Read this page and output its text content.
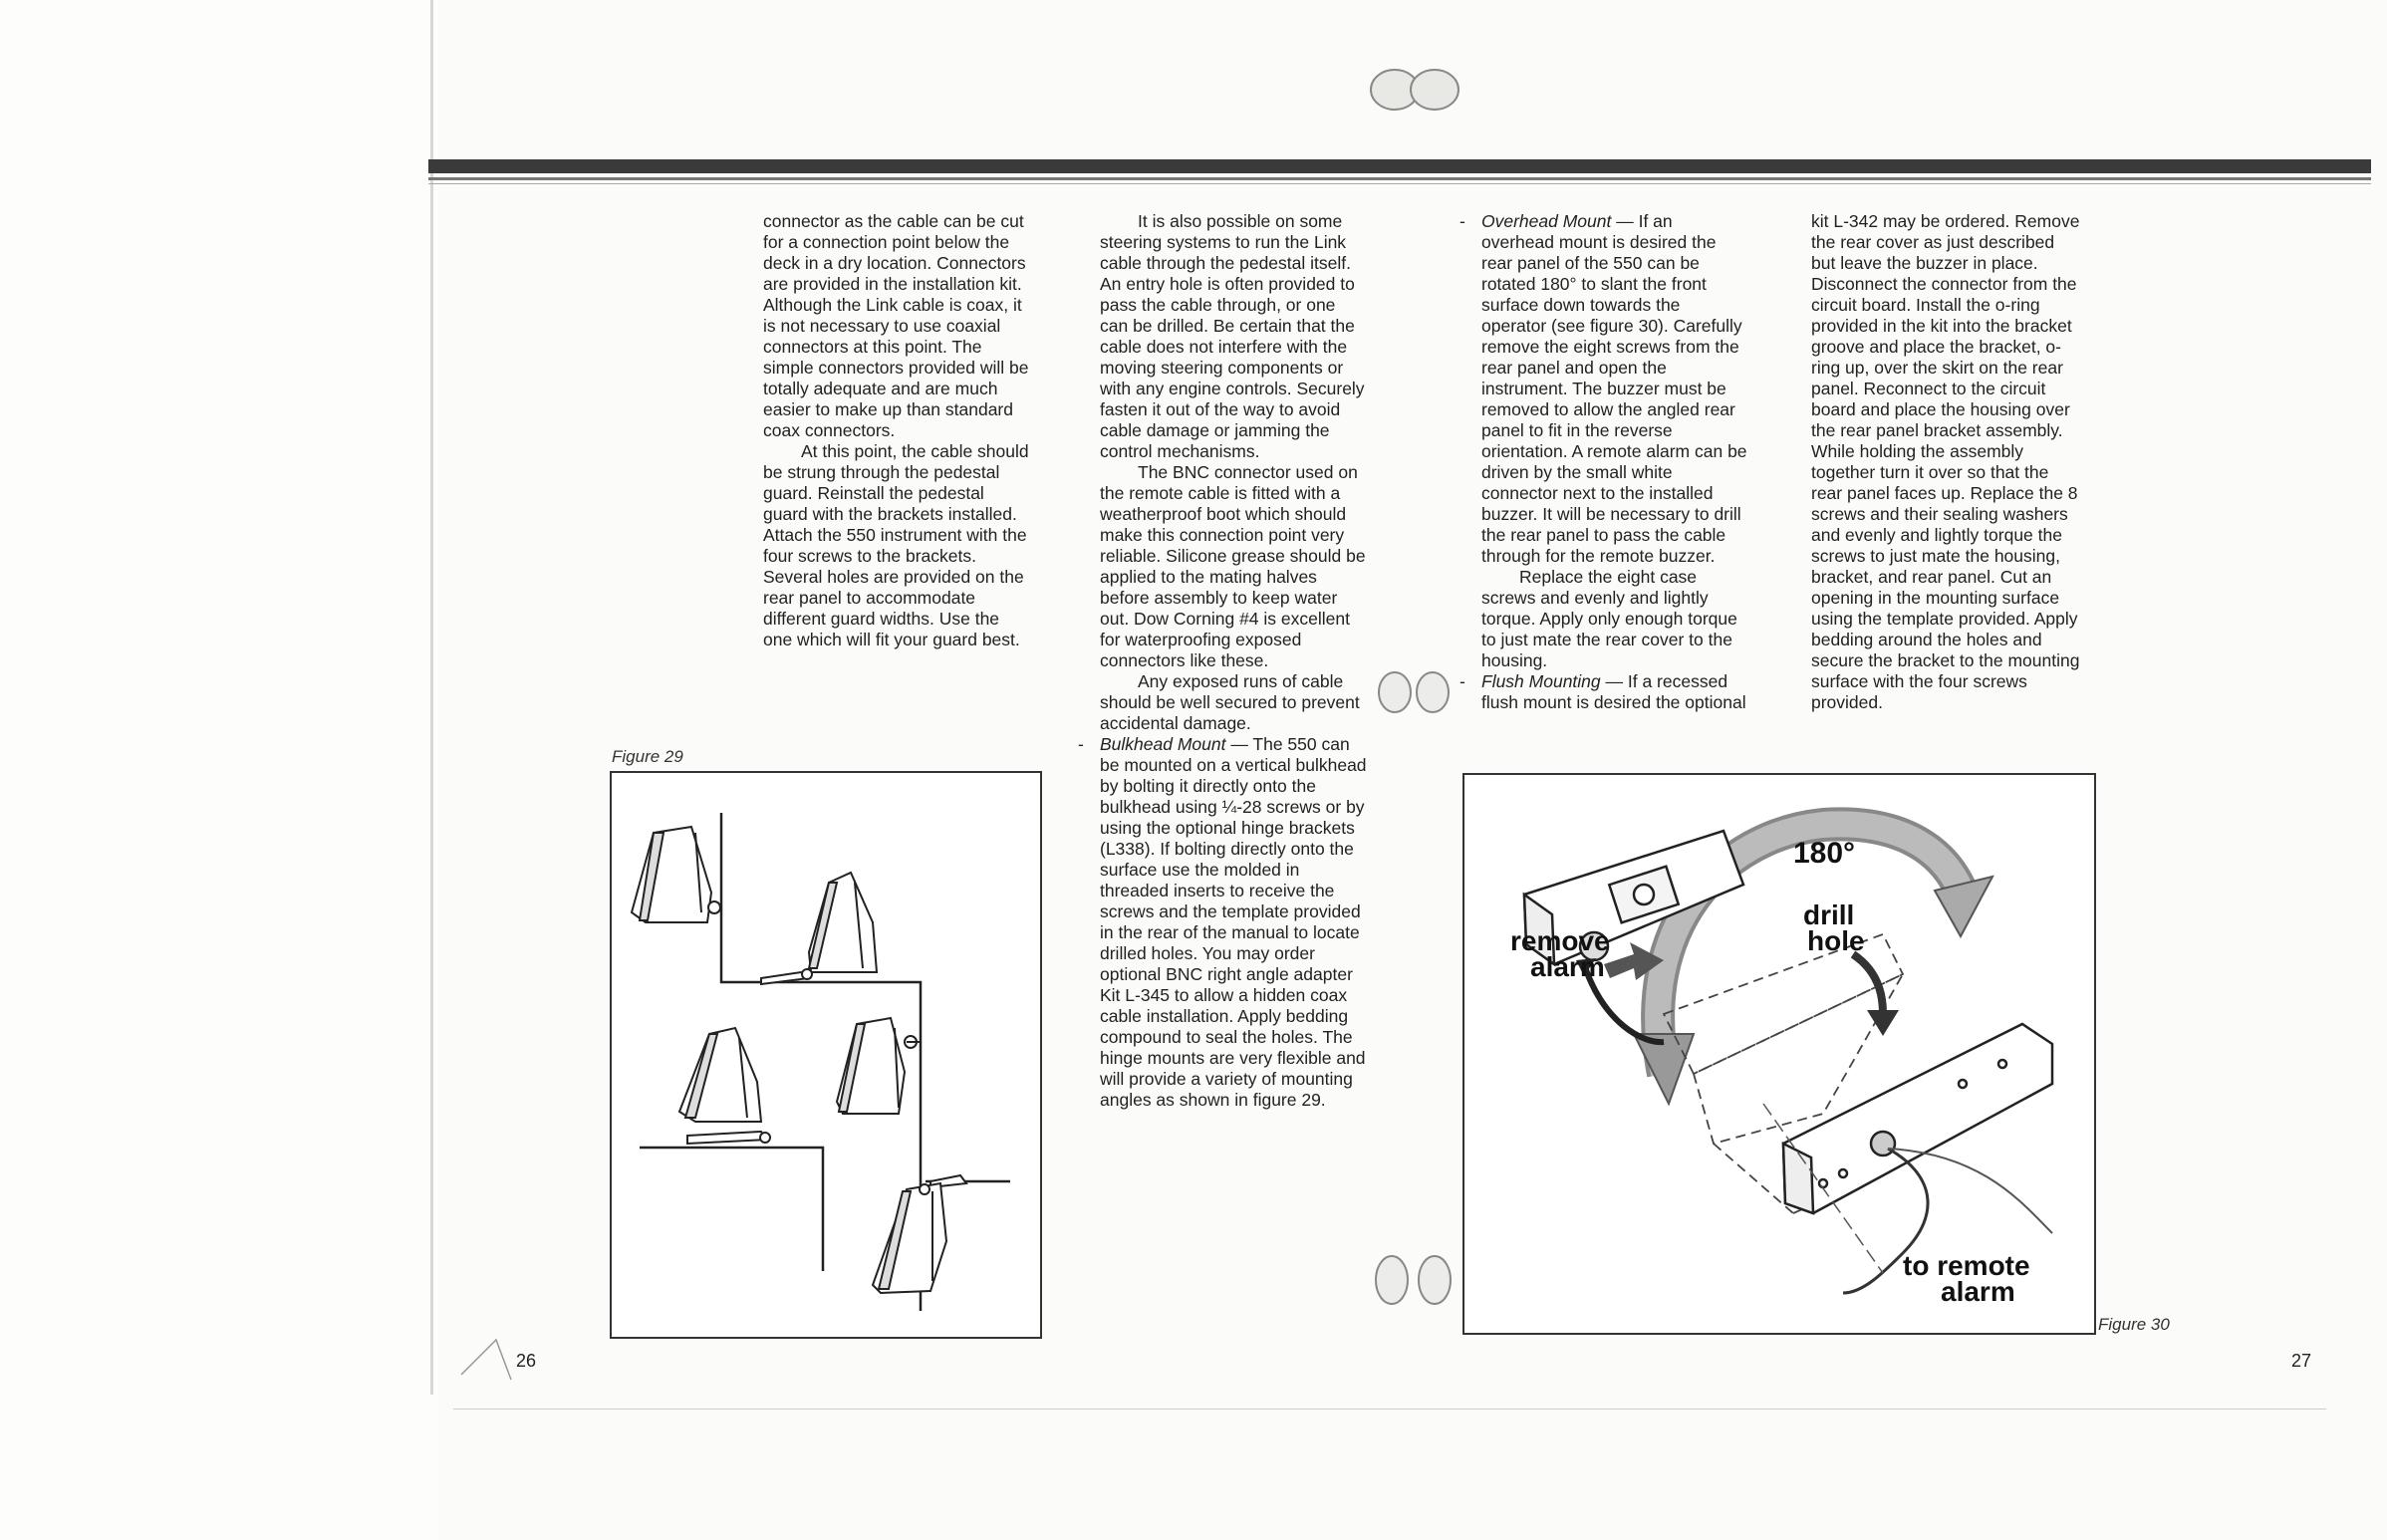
connector as the cable can be cut for a connection point below the deck in a dry location. Connectors are provided in the installation kit. Although the Link cable is coax, it is not necessary to use coaxial connectors at this point. The simple connectors provided will be totally adequate and are much easier to make up than standard coax connectors.

At this point, the cable should be strung through the pedestal guard. Reinstall the pedestal guard with the brackets installed. Attach the 550 instrument with the four screws to the brackets. Several holes are provided on the rear panel to accommodate different guard widths. Use the one which will fit your guard best.

It is also possible on some steering systems to run the Link cable through the pedestal itself. An entry hole is often provided to pass the cable through, or one can be drilled. Be certain that the cable does not interfere with the moving steering components or with any engine controls. Securely fasten it out of the way to avoid cable damage or jamming the control mechanisms.

The BNC connector used on the remote cable is fitted with a weatherproof boot which should make this connection point very reliable. Silicone grease should be applied to the mating halves before assembly to keep water out. Dow Corning #4 is excellent for waterproofing exposed connectors like these.

Any exposed runs of cable should be well secured to prevent accidental damage.

- Bulkhead Mount — The 550 can be mounted on a vertical bulkhead by bolting it directly onto the bulkhead using ¼-28 screws or by using the optional hinge brackets (L338). If bolting directly onto the surface use the molded in threaded inserts to receive the screws and the template provided in the rear of the manual to locate drilled holes. You may order optional BNC right angle adapter Kit L-345 to allow a hidden coax cable installation. Apply bedding compound to seal the holes. The hinge mounts are very flexible and will provide a variety of mounting angles as shown in figure 29.

Figure 29
26
- Overhead Mount — If an overhead mount is desired the rear panel of the 550 can be rotated 180° to slant the front surface down towards the operator (see figure 30). Carefully remove the eight screws from the rear panel and open the instrument. The buzzer must be removed to allow the angled rear panel to fit in the reverse orientation. A remote alarm can be driven by the small white connector next to the installed buzzer. It will be necessary to drill the rear panel to pass the cable through for the remote buzzer.

Replace the eight case screws and evenly and lightly torque. Apply only enough torque to just mate the rear cover to the housing.

- Flush Mounting — If a recessed flush mount is desired the optional

kit L-342 may be ordered. Remove the rear cover as just described but leave the buzzer in place. Disconnect the connector from the circuit board. Install the o-ring provided in the kit into the bracket groove and place the bracket, o-ring up, over the skirt on the rear panel. Reconnect to the circuit board and place the housing over the rear panel bracket assembly. While holding the assembly together turn it over so that the rear panel faces up. Replace the 8 screws and their sealing washers and evenly and lightly torque the screws to just mate the housing, bracket, and rear panel. Cut an opening in the mounting surface using the template provided. Apply bedding around the holes and secure the bracket to the mounting surface with the four screws provided.

180°
drill
hole
remove
alarm
to remote
alarm
Figure 30
27
